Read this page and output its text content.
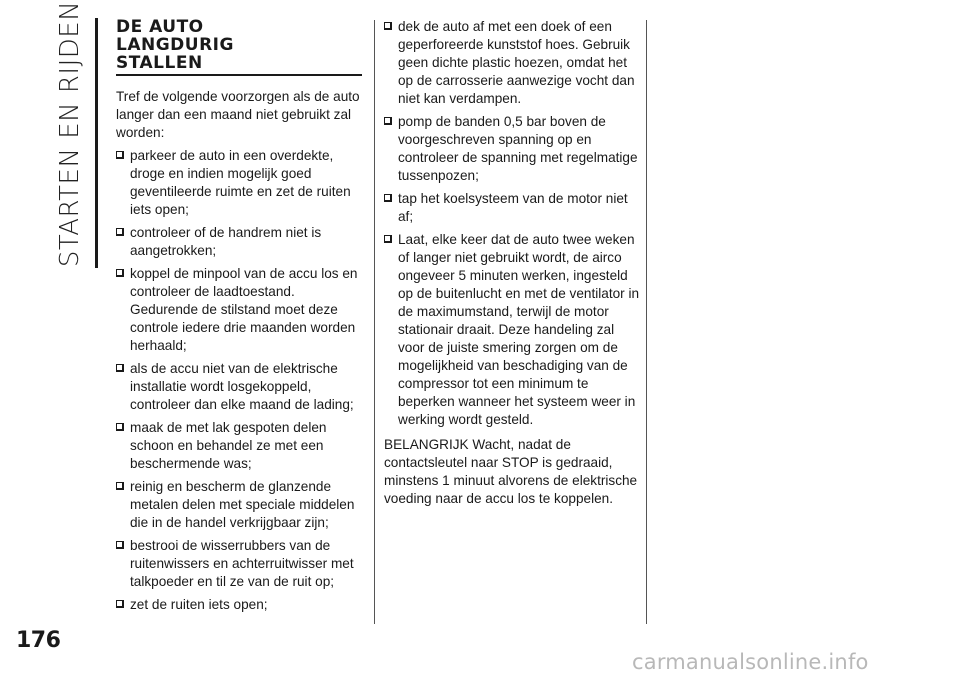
STARTEN EN RIJDEN
176
DE AUTO
LANGDURIG
STALLEN

Tref de volgende voorzorgen als de auto langer dan een maand niet gebruikt zal worden:

parkeer de auto in een overdekte, droge en indien mogelijk goed geventileerde ruimte en zet de ruiten iets open;
controleer of de handrem niet is aangetrokken;
koppel de minpool van de accu los en controleer de laadtoestand. Gedurende de stilstand moet deze controle iedere drie maanden worden herhaald;
als de accu niet van de elektrische installatie wordt losgekoppeld, controleer dan elke maand de lading;
maak de met lak gespoten delen schoon en behandel ze met een beschermende was;
reinig en bescherm de glanzende metalen delen met speciale middelen die in de handel verkrijgbaar zijn;
bestrooi de wisserrubbers van de ruitenwissers en achterruitwisser met talkpoeder en til ze van de ruit op;
zet de ruiten iets open;
dek de auto af met een doek of een geperforeerde kunststof hoes. Gebruik geen dichte plastic hoezen, omdat het op de carrosserie aanwezige vocht dan niet kan verdampen.
pomp de banden 0,5 bar boven de voorgeschreven spanning op en controleer de spanning met regelmatige tussenpozen;
tap het koelsysteem van de motor niet af;
Laat, elke keer dat de auto twee weken of langer niet gebruikt wordt, de airco ongeveer 5 minuten werken, ingesteld op de buitenlucht en met de ventilator in de maximumstand, terwijl de motor stationair draait. Deze handeling zal voor de juiste smering zorgen om de mogelijkheid van beschadiging van de compressor tot een minimum te beperken wanneer het systeem weer in werking wordt gesteld.

BELANGRIJK Wacht, nadat de contactsleutel naar STOP is gedraaid, minstens 1 minuut alvorens de elektrische voeding naar de accu los te koppelen.

carmanualsonline.info
